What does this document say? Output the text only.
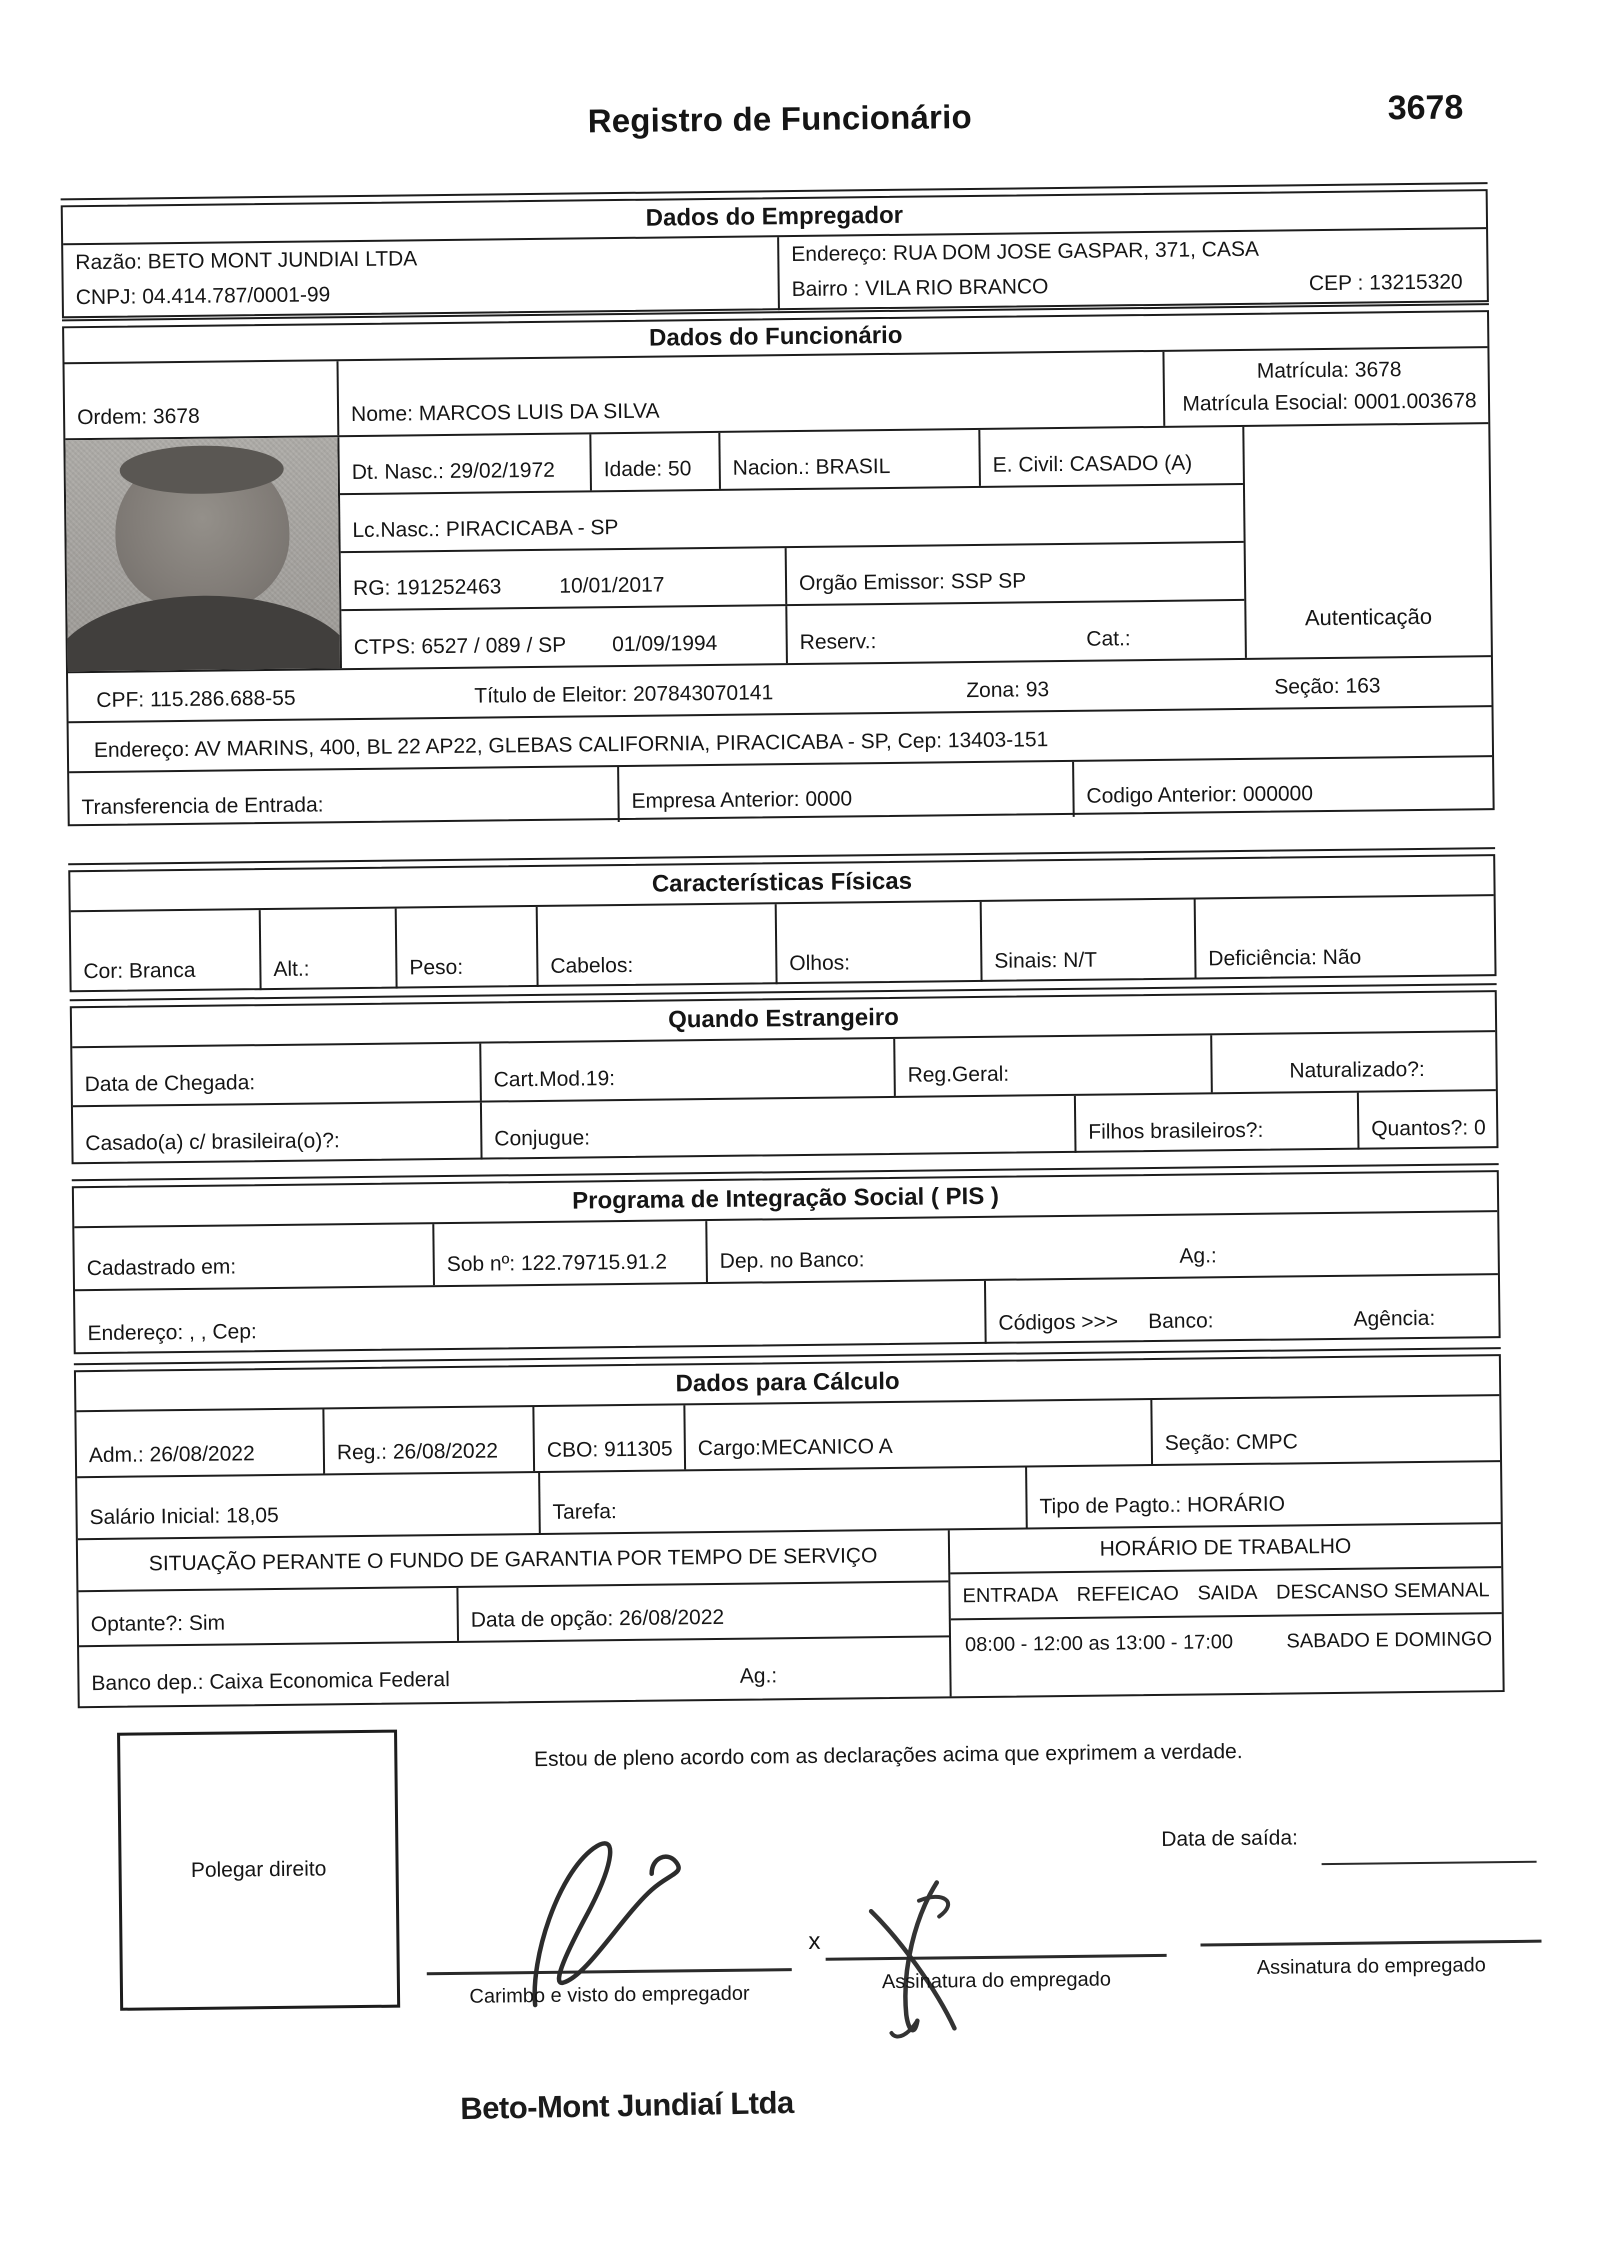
Registro de Funcionário	3678
Dados do Empregador
Razão: BETO MONT JUNDIAI LTDA
CNPJ: 04.414.787/0001-99
Endereço: RUA DOM JOSE GASPAR, 371, CASA
Bairro : VILA RIO BRANCO	CEP : 13215320
Dados do Funcionário
Ordem: 3678	Nome: MARCOS LUIS DA SILVA
Matrícula: 3678
Matrícula Esocial: 0001.003678
Dt. Nasc.: 29/02/1972 Idade: 50 Nacion.: BRASIL	E. Civil: CASADO (A)
Lc.Nasc.: PIRACICABA - SP
RG: 191252463	10/01/2017	Orgão Emissor: SSP SP
CTPS: 6527 / 089 / SP 01/09/1994	Reserv.:	Cat.:
Autenticação
CPF: 115.286.688-55	Título de Eleitor: 207843070141	Zona: 93	Seção: 163
Endereço: AV MARINS, 400, BL 22 AP22, GLEBAS CALIFORNIA, PIRACICABA - SP, Cep: 13403-151
Transferencia de Entrada:	Empresa Anterior: 0000	Codigo Anterior: 000000
Características Físicas
Cor: Branca	Alt.:	Peso:	Cabelos:	Olhos:	Sinais: N/T	Deficiência: Não
Quando Estrangeiro
Data de Chegada:	Cart.Mod.19:	Reg.Geral:	Naturalizado?:
Casado(a) c/ brasileira(o)?:	Conjugue:	Filhos brasileiros?:	Quantos?: 0
Programa de Integração Social ( PIS )
Cadastrado em:	Sob nº: 122.79715.91.2	Dep. no Banco:	Ag.:
Endereço: , , Cep:	Códigos >>> Banco:	Agência:
Dados para Cálculo
Adm.: 26/08/2022	Reg.: 26/08/2022 CBO: 911305 Cargo:MECANICO A	Seção: CMPC
Salário Inicial: 18,05	Tarefa:	Tipo de Pagto.: HORÁRIO
SITUAÇÃO PERANTE O FUNDO DE GARANTIA POR TEMPO DE SERVIÇO
Optante?: Sim	Data de opção: 26/08/2022
Banco dep.: Caixa Economica Federal	Ag.:
HORÁRIO DE TRABALHO
ENTRADA REFEICAO SAIDA DESCANSO SEMANAL
08:00 - 12:00 as 13:00 - 17:00	SABADO E DOMINGO
Polegar direito
Estou de pleno acordo com as declarações acima que exprimem a verdade.
Data de saída:
x
Carimbo e visto do empregador
Assinatura do empregado
Assinatura do empregado
Beto-Mont Jundiaí Ltda
